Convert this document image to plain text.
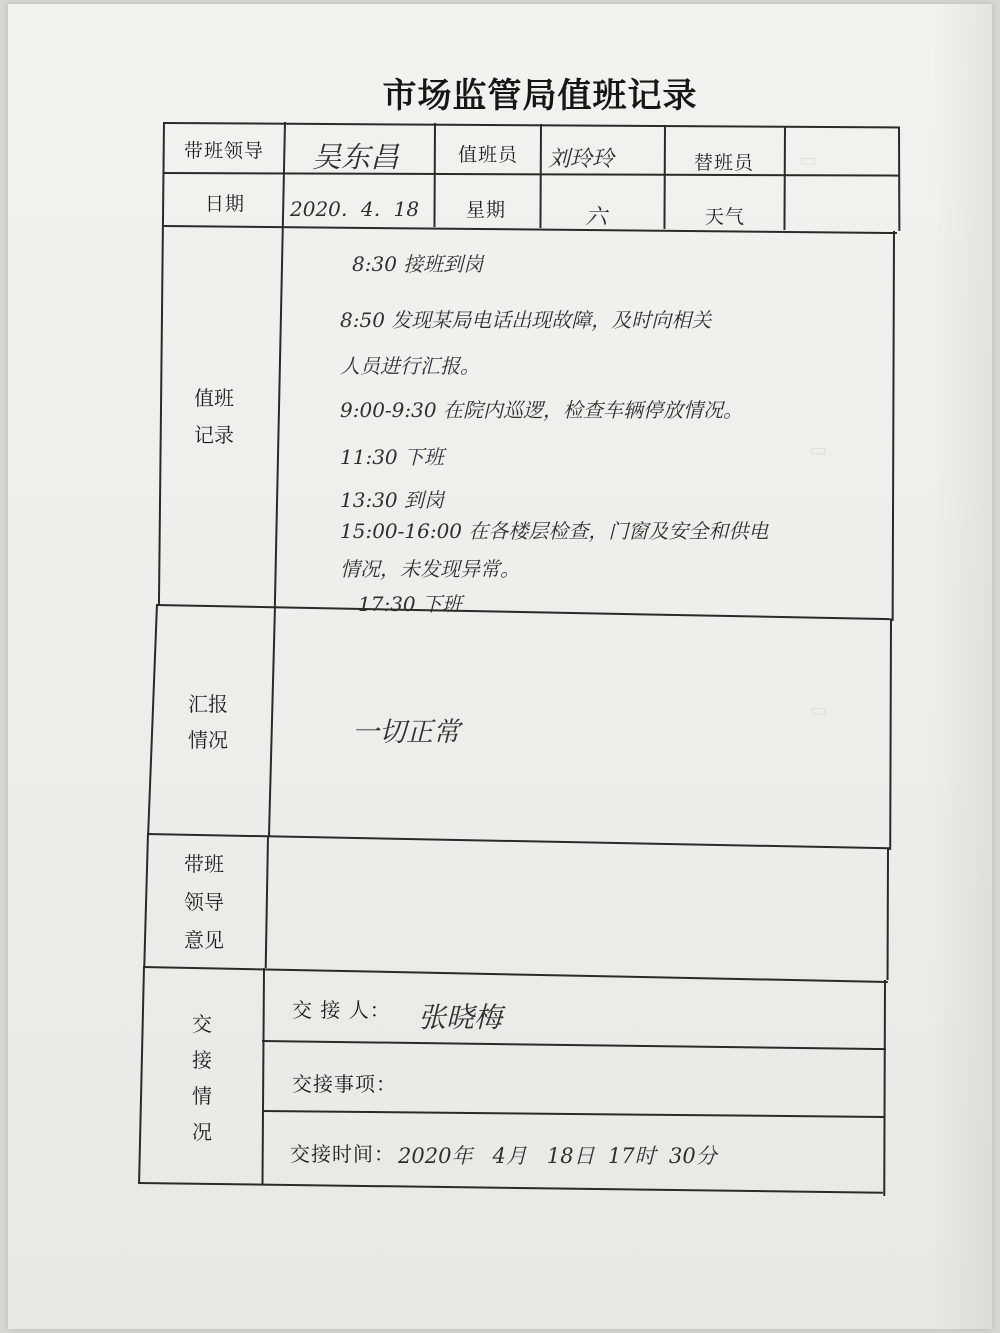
市场监管局值班记录
▭
▭
▭
带班领导 吴东昌	值班员 刘玲玲	替班员
日期 2020．4．18 星期	六	天气
值班
记录
8:30 接班到岗
8:50 发现某局电话出现故障，及时向相关
人员进行汇报。
9:00-9:30 在院内巡逻，检查车辆停放情况。
11:30 下班
13:30 到岗
15:00-16:00 在各楼层检查，门窗及安全和供电
情况，未发现异常。
17:30 下班
汇报
情况	一切正常
带班
领导
意见
交
接
情
况
交 接 人： 张晓梅
交接事项：
交接时间： 2020年   4月   18日  17时  30分
